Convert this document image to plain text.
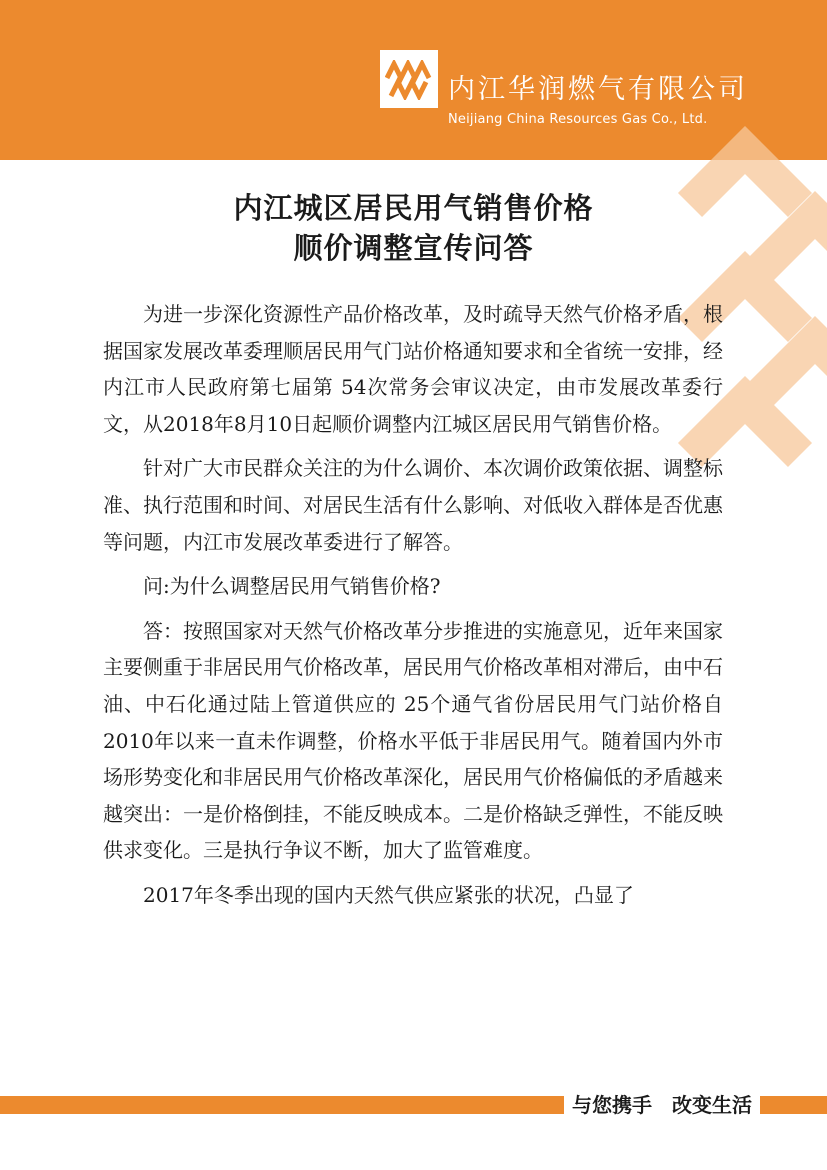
内江华润燃气有限公司
Neijiang China Resources Gas Co., Ltd.
内江城区居民用气销售价格
顺价调整宣传问答

为进一步深化资源性产品价格改革，及时疏导天然气价格矛盾，根据国家发展改革委理顺居民用气门站价格通知要求和全省统一安排，经内江市人民政府第七届第 54次常务会审议决定，由市发展改革委行文，从2018年8月10日起顺价调整内江城区居民用气销售价格。

针对广大市民群众关注的为什么调价、本次调价政策依据、调整标准、执行范围和时间、对居民生活有什么影响、对低收入群体是否优惠等问题，内江市发展改革委进行了解答。

问:为什么调整居民用气销售价格?

答：按照国家对天然气价格改革分步推进的实施意见，近年来国家主要侧重于非居民用气价格改革，居民用气价格改革相对滞后，由中石油、中石化通过陆上管道供应的 25个通气省份居民用气门站价格自2010年以来一直未作调整，价格水平低于非居民用气。随着国内外市场形势变化和非居民用气价格改革深化，居民用气价格偏低的矛盾越来越突出：一是价格倒挂，不能反映成本。二是价格缺乏弹性，不能反映供求变化。三是执行争议不断，加大了监管难度。

2017年冬季出现的国内天然气供应紧张的状况，凸显了

与您携手　改变生活
